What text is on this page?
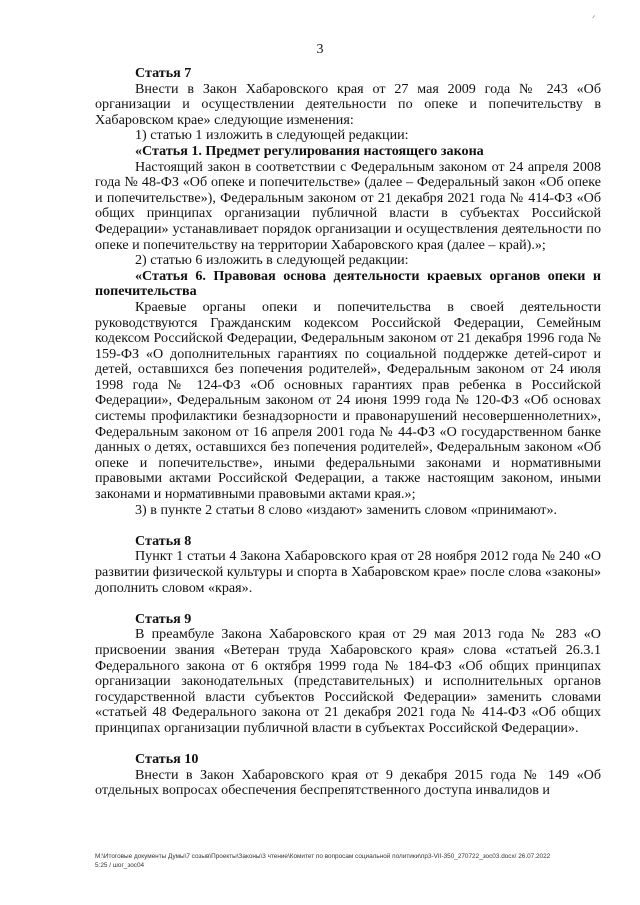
ᐟ
3

Статья 7

Внести в Закон Хабаровского края от 27 мая 2009 года № 243 «Об организации и осуществлении деятельности по опеке и попечительству в Хабаровском крае» следующие изменения:

1) статью 1 изложить в следующей редакции:

«Статья 1. Предмет регулирования настоящего закона

Настоящий закон в соответствии с Федеральным законом от 24 апреля 2008 года № 48-ФЗ «Об опеке и попечительстве» (далее – Федеральный закон «Об опеке и попечительстве»), Федеральным законом от 21 декабря 2021 года № 414-ФЗ «Об общих принципах организации публичной власти в субъектах Российской Федерации» устанавливает порядок организации и осуществления деятельности по опеке и попечительству на территории Хабаровского края (далее – край).»;

2) статью 6 изложить в следующей редакции:

«Статья 6. Правовая основа деятельности краевых органов опеки и попечительства

Краевые органы опеки и попечительства в своей деятельности руководствуются Гражданским кодексом Российской Федерации, Семейным кодексом Российской Федерации, Федеральным законом от 21 декабря 1996 года № 159-ФЗ «О дополнительных гарантиях по социальной поддержке детей-сирот и детей, оставшихся без попечения родителей», Федеральным законом от 24 июля 1998 года № 124-ФЗ «Об основных гарантиях прав ребенка в Российской Федерации», Федеральным законом от 24 июня 1999 года № 120-ФЗ «Об основах системы профилактики безнадзорности и правонарушений несовершеннолетних», Федеральным законом от 16 апреля 2001 года № 44-ФЗ «О государственном банке данных о детях, оставшихся без попечения родителей», Федеральным законом «Об опеке и попечительстве», иными федеральными законами и нормативными правовыми актами Российской Федерации, а также настоящим законом, иными законами и нормативными правовыми актами края.»;

3) в пункте 2 статьи 8 слово «издают» заменить словом «принимают».

Статья 8

Пункт 1 статьи 4 Закона Хабаровского края от 28 ноября 2012 года № 240 «О развитии физической культуры и спорта в Хабаровском крае» после слова «законы» дополнить словом «края».

Статья 9

В преамбуле Закона Хабаровского края от 29 мая 2013 года № 283 «О присвоении звания «Ветеран труда Хабаровского края» слова «статьей 26.3.1 Федерального закона от 6 октября 1999 года № 184-ФЗ «Об общих принципах организации законодательных (представительных) и исполнительных органов государственной власти субъектов Российской Федерации» заменить словами «статьей 48 Федерального закона от 21 декабря 2021 года № 414-ФЗ «Об общих принципах организации публичной власти в субъектах Российской Федерации».

Статья 10

Внести в Закон Хабаровского края от 9 декабря 2015 года № 149 «Об отдельных вопросах обеспечения беспрепятственного доступа инвалидов и

M:\Итоговые документы Думы\7 созыв\Проекты\Законы\3 чтение\Комитет по вопросам социальной политики\пр3-VII-350_270722_зос03.docx/ 26.07.2022
5:25 / шог_зос04
